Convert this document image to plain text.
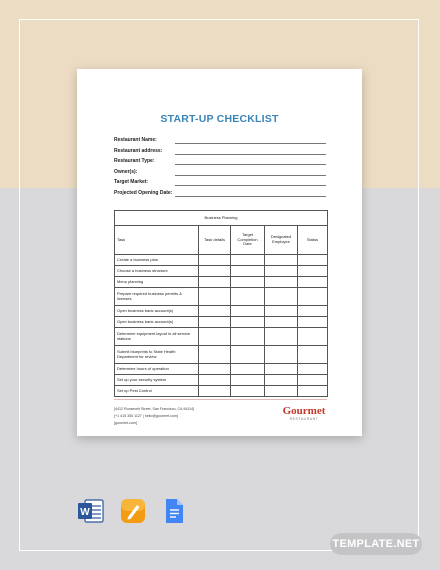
START-UP CHECKLIST
Restaurant Name:
Restaurant address:
Restaurant Type:
Owner(s):
Target Market:
Projected Opening Date:
Business Planning				
Task	Task details	Target Completion Date	Designated Employee	Status
Create a business plan				
Choose a business structure				
Menu planning				
Prepare required business permits & licenses				
Open business bank account(s)				
Open business bank account(s)				
Determine equipment layout in all service stations				
Submit blueprints to State Health Department for review				
Determine hours of operation				
Set up your security system				
Set up Pest Control				
[4412 Roosevelt Street, San Francisco, CA 94114]
[+1 415 355 1127 | hello@gourmet.com]
[gourmet.com]
Gourmet
RESTAURANT
W
TEMPLATE.NET
